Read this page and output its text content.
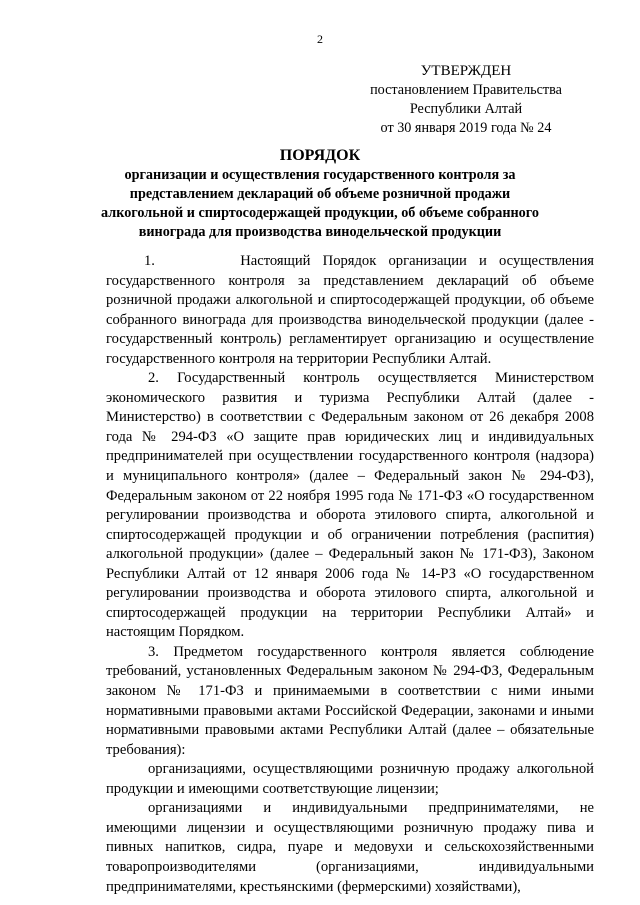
2
УТВЕРЖДЕН
постановлением Правительства
Республики Алтай
от 30 января 2019 года № 24
ПОРЯДОК
организации и осуществления государственного контроля за представлением деклараций об объеме розничной продажи алкогольной и спиртосодержащей продукции, об объеме собранного винограда для производства винодельческой продукции

1.       Настоящий Порядок организации и осуществления государственного контроля за представлением деклараций об объеме розничной продажи алкогольной и спиртосодержащей продукции, об объеме собранного винограда для производства винодельческой продукции (далее - государственный контроль) регламентирует организацию и осуществление государственного контроля на территории Республики Алтай.

2. Государственный контроль осуществляется Министерством экономического развития и туризма Республики Алтай (далее - Министерство) в соответствии с Федеральным законом от 26 декабря 2008 года № 294-ФЗ «О защите прав юридических лиц и индивидуальных предпринимателей при осуществлении государственного контроля (надзора) и муниципального контроля» (далее – Федеральный закон № 294-ФЗ), Федеральным законом от 22 ноября 1995 года № 171-ФЗ «О государственном регулировании производства и оборота этилового спирта, алкогольной и спиртосодержащей продукции и об ограничении потребления (распития) алкогольной продукции» (далее – Федеральный закон № 171-ФЗ), Законом Республики Алтай от 12 января 2006 года № 14-РЗ «О государственном регулировании производства и оборота этилового спирта, алкогольной и спиртосодержащей продукции на территории Республики Алтай» и настоящим Порядком.

3. Предметом государственного контроля является соблюдение требований, установленных Федеральным законом № 294-ФЗ, Федеральным законом № 171-ФЗ и принимаемыми в соответствии с ними иными нормативными правовыми актами Российской Федерации, законами и иными нормативными правовыми актами Республики Алтай (далее – обязательные требования):

организациями, осуществляющими розничную продажу алкогольной продукции и имеющими соответствующие лицензии;

организациями и индивидуальными предпринимателями, не имеющими лицензии и осуществляющими розничную продажу пива и пивных напитков, сидра, пуаре и медовухи и сельскохозяйственными товаропроизводителями (организациями, индивидуальными предпринимателями, крестьянскими (фермерскими) хозяйствами),
